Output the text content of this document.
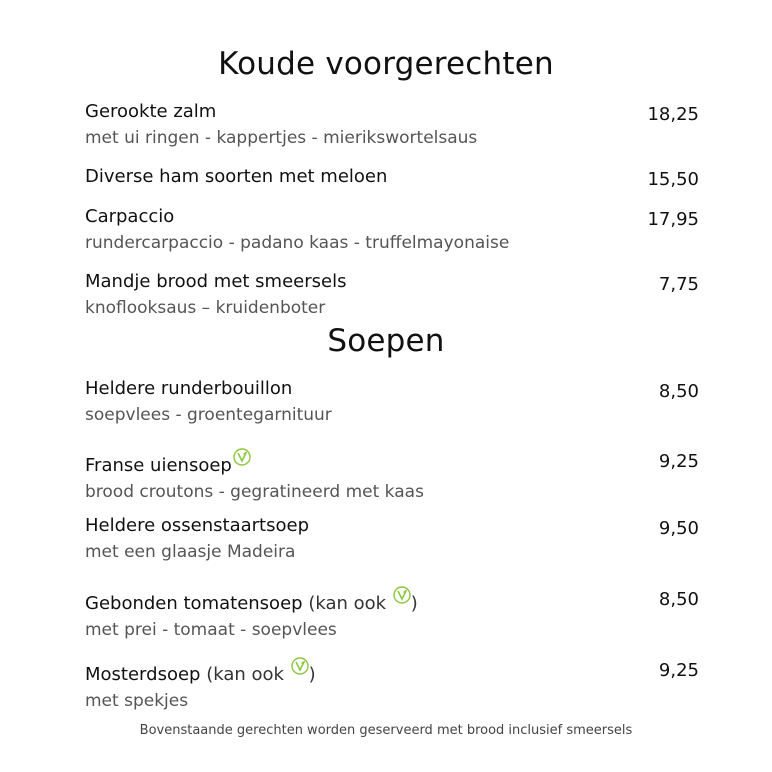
Koude voorgerechten
Gerookte zalm
met ui ringen - kappertjes - mierikswortelsaus
18,25
Diverse ham soorten met meloen	15,50
Carpaccio
rundercarpaccio - padano kaas - truffelmayonaise
17,95
Mandje brood met smeersels
knoflooksaus – kruidenboter
7,75
Soepen
Heldere runderbouillon
soepvlees - groentegarnituur
8,50
Franse uiensoep
brood croutons - gegratineerd met kaas
9,25
Heldere ossenstaartsoep
met een glaasje Madeira
9,50
Gebonden tomatensoep (kan ook )
met prei - tomaat - soepvlees
8,50
Mosterdsoep (kan ook )
met spekjes
9,25
Bovenstaande gerechten worden geserveerd met brood inclusief smeersels
